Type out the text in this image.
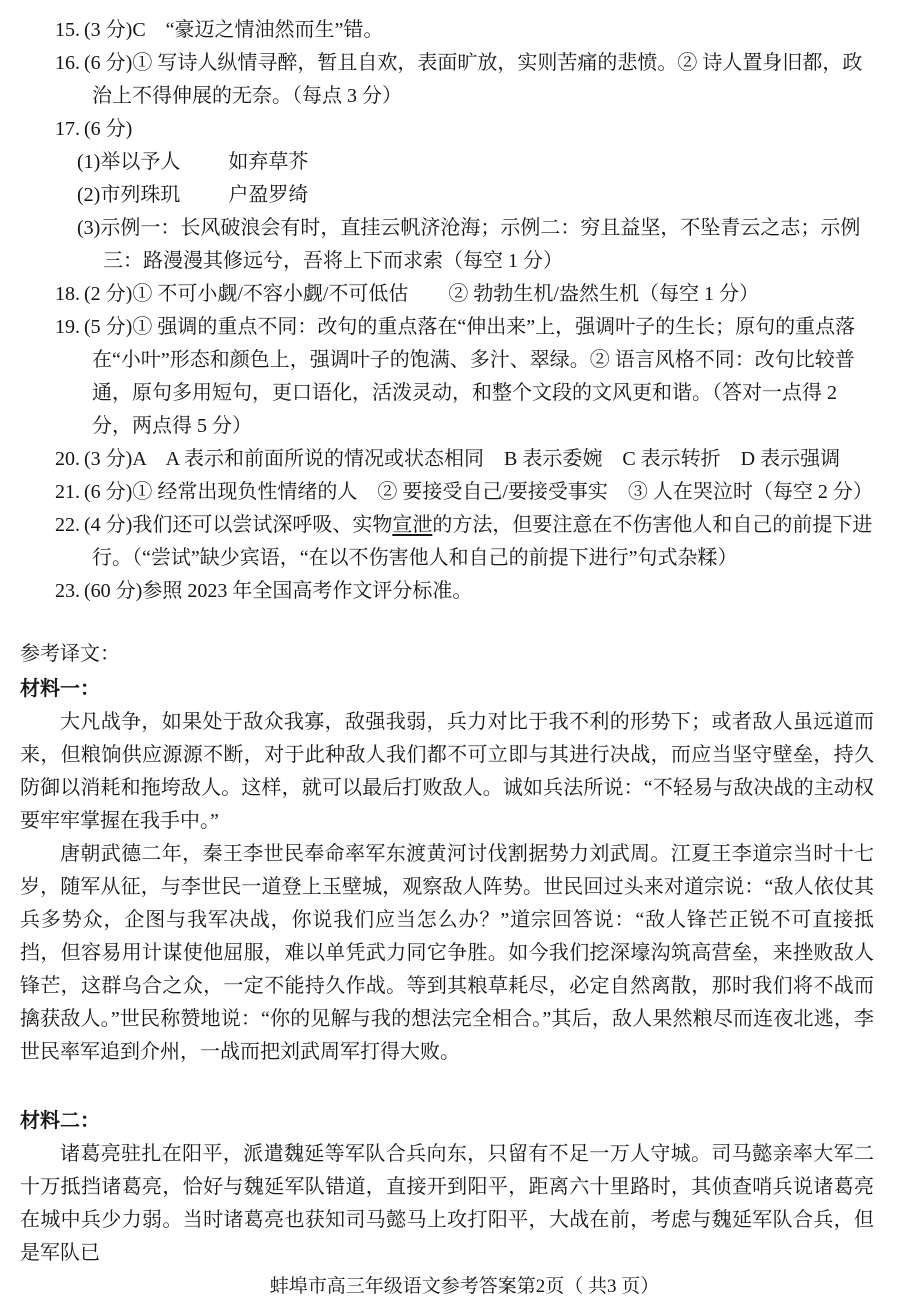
15. (3 分)C　“豪迈之情油然而生”错。
16. (6 分)① 写诗人纵情寻醉，暂且自欢，表面旷放，实则苦痛的悲愤。② 诗人置身旧都，政治上不得伸展的无奈。（每点 3 分）
17. (6 分)
(1)举以予人 如弃草芥
(2)市列珠玑 户盈罗绮
(3)示例一：长风破浪会有时，直挂云帆济沧海；示例二：穷且益坚，不坠青云之志；示例三：路漫漫其修远兮，吾将上下而求索（每空 1 分）
18. (2 分)① 不可小觑/不容小觑/不可低估　　② 勃勃生机/盎然生机（每空 1 分）
19. (5 分)① 强调的重点不同：改句的重点落在“伸出来”上，强调叶子的生长；原句的重点落在“小叶”形态和颜色上，强调叶子的饱满、多汁、翠绿。② 语言风格不同：改句比较普通，原句多用短句，更口语化，活泼灵动，和整个文段的文风更和谐。（答对一点得 2 分，两点得 5 分）
20. (3 分)A　A 表示和前面所说的情况或状态相同　B 表示委婉　C 表示转折　D 表示强调
21. (6 分)① 经常出现负性情绪的人　② 要接受自己/要接受事实　③ 人在哭泣时（每空 2 分）
22. (4 分)我们还可以尝试深呼吸、实物宣泄的方法，但要注意在不伤害他人和自己的前提下进行。（“尝试”缺少宾语，“在以不伤害他人和自己的前提下进行”句式杂糅）
23. (60 分)参照 2023 年全国高考作文评分标准。

参考译文：

材料一：

大凡战争，如果处于敌众我寡，敌强我弱，兵力对比于我不利的形势下；或者敌人虽远道而来，但粮饷供应源源不断，对于此种敌人我们都不可立即与其进行决战，而应当坚守壁垒，持久防御以消耗和拖垮敌人。这样，就可以最后打败敌人。诚如兵法所说：“不轻易与敌决战的主动权要牢牢掌握在我手中。”

唐朝武德二年，秦王李世民奉命率军东渡黄河讨伐割据势力刘武周。江夏王李道宗当时十七岁，随军从征，与李世民一道登上玉壁城，观察敌人阵势。世民回过头来对道宗说：“敌人依仗其兵多势众，企图与我军决战，你说我们应当怎么办？”道宗回答说：“敌人锋芒正锐不可直接抵挡，但容易用计谋使他屈服，难以单凭武力同它争胜。如今我们挖深壕沟筑高营垒，来挫败敌人锋芒，这群乌合之众，一定不能持久作战。等到其粮草耗尽，必定自然离散，那时我们将不战而擒获敌人。”世民称赞地说：“你的见解与我的想法完全相合。”其后，敌人果然粮尽而连夜北逃，李世民率军追到介州，一战而把刘武周军打得大败。

材料二：

诸葛亮驻扎在阳平，派遣魏延等军队合兵向东，只留有不足一万人守城。司马懿亲率大军二十万抵挡诸葛亮，恰好与魏延军队错道，直接开到阳平，距离六十里路时，其侦查哨兵说诸葛亮在城中兵少力弱。当时诸葛亮也获知司马懿马上攻打阳平，大战在前，考虑与魏延军队合兵，但是军队已

蚌埠市高三年级语文参考答案第2页（ 共3 页）
